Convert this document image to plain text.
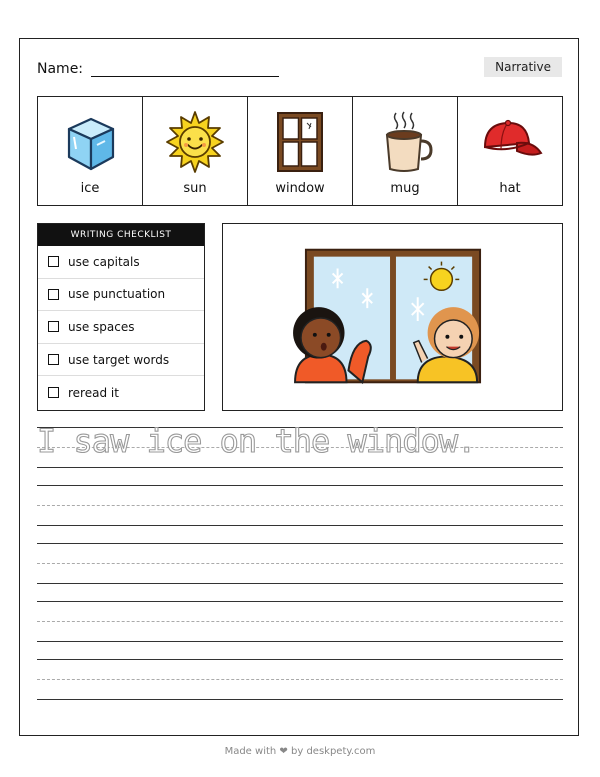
Name:	Narrative
ice	sun	window	mug	hat
WRITING CHECKLIST
use capitals
use punctuation
use spaces
use target words
reread it
I saw ice on the window.
Made with ❤ by deskpety.com
